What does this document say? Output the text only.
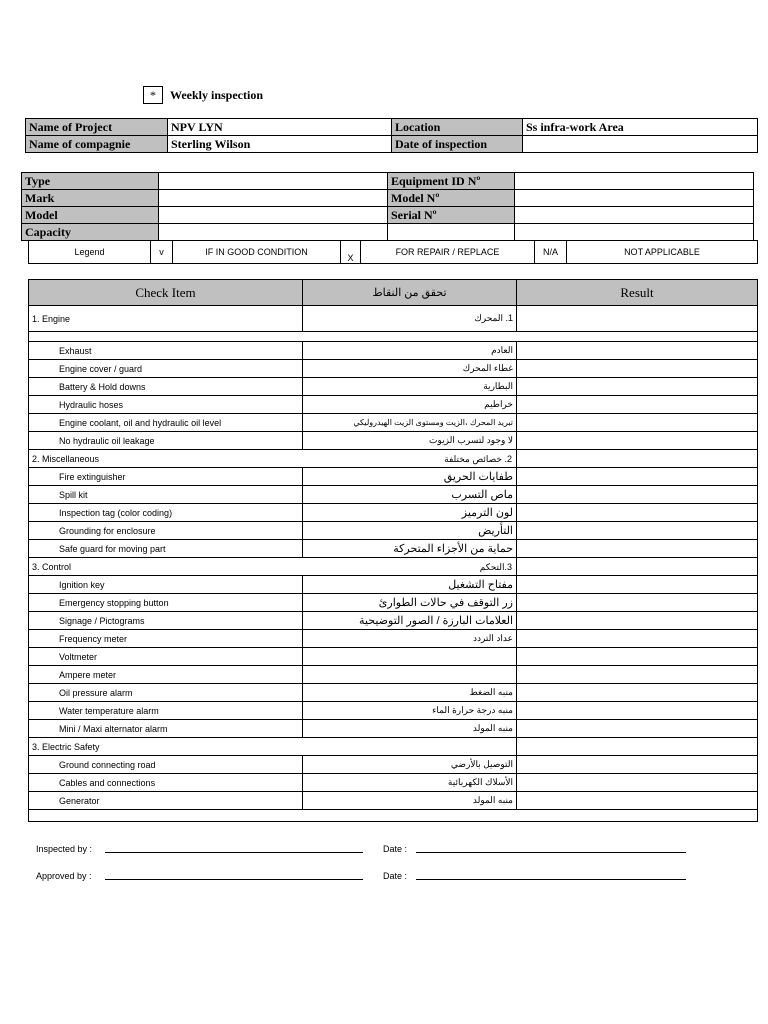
* Weekly inspection
Name of Project	NPV LYN	Location	Ss infra-work Area
Name of compagnie	Sterling Wilson	Date of inspection	
Type		Equipment ID Nº	
Mark		Model Nº	
Model		Serial Nº	
Capacity			
Legend	v	IF IN GOOD CONDITION	X	FOR REPAIR / REPLACE	N/A	NOT APPLICABLE
Check Item	تحقق من النقاط	Result
1. Engine	1. المحرك	

Exhaust	العادم	
Engine cover / guard	غطاء المحرك	
Battery & Hold downs	البطارية	
Hydraulic hoses	خراطيم	
Engine coolant, oil and hydraulic oil level	تبريد المحرك ،الزيت ومستوى الزيت الهيدروليكي	
No hydraulic oil leakage	لا وجود لتسرب الزيوت	
2. Miscellaneous 2. خصائص مختلفة		

Fire extinguisher	طفايات الحريق	
Spill kit	ماص التسرب	
Inspection tag (color coding)	لون الترميز	
Grounding for enclosure	التأريض	
Safe guard for moving part	حماية من الأجزاء المتحركة	
3. Control 3.التحكم		

Ignition key	مفتاح التشغيل	
Emergency stopping button	زر التوقف في حالات الطوارئ	
Signage / Pictograms	العلامات البارزة / الصور التوضيحية	
Frequency meter	عداد التردد	
Voltmeter		
Ampere meter		
Oil pressure alarm	منبه الضغط	
Water temperature alarm	منبه درجة حرارة الماء	
Mini / Maxi alternator alarm	منبه المولد	
3. Electric Safety		
Ground connecting road	التوصيل بالأرضي	
Cables and connections	الأسلاك الكهربائية	
Generator	منبه المولد	

Inspected by :	Date :
Approved by :	Date :
